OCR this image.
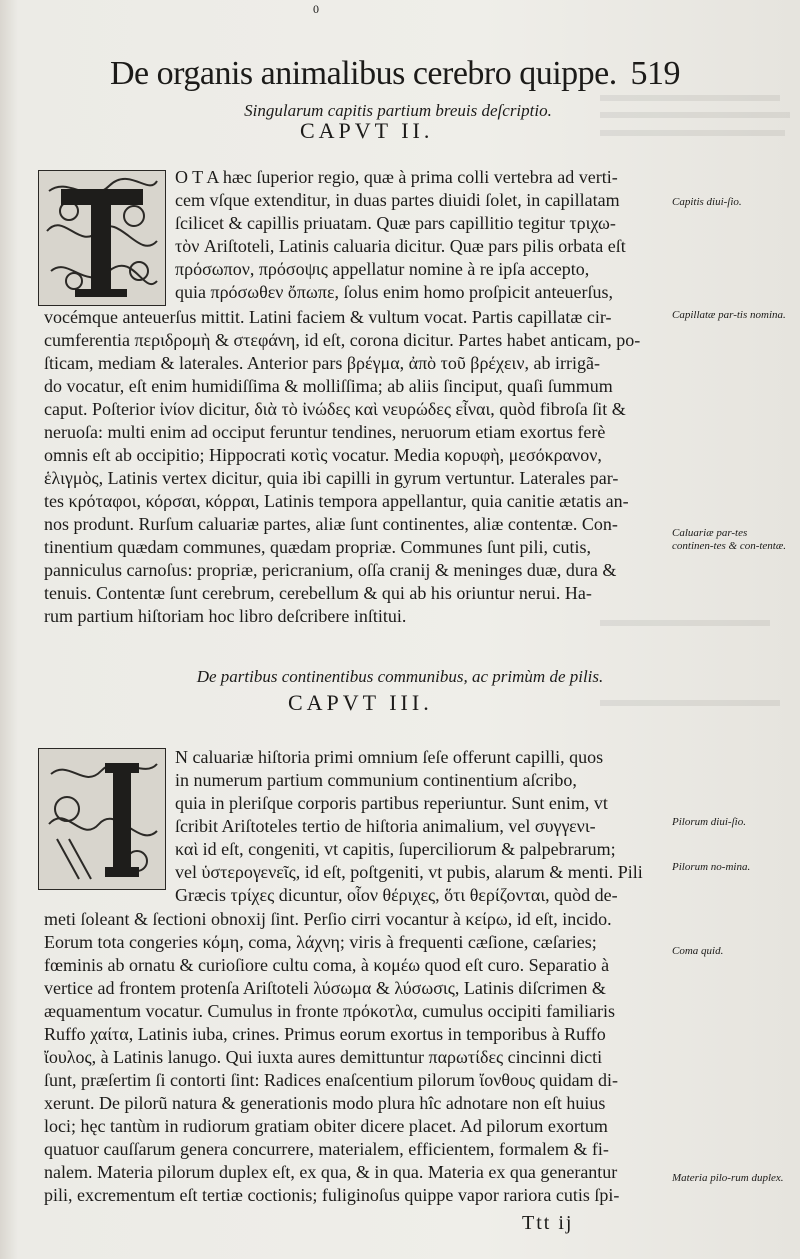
0
De organis animalibus cerebro quippe. 519
Singularum capitis partium breuis deſcriptio.
CAPVT II.
O T A hæc ſuperior regio, quæ à prima colli vertebra ad verti-
cem vſque extenditur, in duas partes diuidi ſolet, in capillatam
ſcilicet & capillis priuatam. Quæ pars capillitio tegitur τριχω-
τὸν Ariſtoteli, Latinis caluaria dicitur. Quæ pars pilis orbata eſt
πρόσωπον, πρόσοψις appellatur nomine à re ipſa accepto,
quia πρόσωθεν ὄπωπε, ſolus enim homo proſpicit anteuerſus,
vocémque anteuerſus mittit. Latini faciem & vultum vocat. Partis capillatæ cir-
cumferentia περιδρομὴ & στεφάνη, id eſt, corona dicitur. Partes habet anticam, po-
ſticam, mediam & laterales. Anterior pars βρέγμα, ἀπὸ τοῦ βρέχειν, ab irrigã-
do vocatur, eſt enim humidiſſima & molliſſima; ab aliis ſinciput, quaſi ſummum
caput. Poſterior ἰνίον dicitur, διὰ τὸ ἰνώδες καὶ νευρώδες εἶναι, quòd fibroſa ſit &
neruoſa: multi enim ad occiput feruntur tendines, neruorum etiam exortus ferè
omnis eſt ab occipitio; Hippocrati κοτὶς vocatur. Media κορυφὴ, μεσόκρανον,
ἑλιγμὸς, Latinis vertex dicitur, quia ibi capilli in gyrum vertuntur. Laterales par-
tes κρόταφοι, κόρσαι, κόρραι, Latinis tempora appellantur, quia canitie ætatis an-
nos produnt. Rurſum caluariæ partes, aliæ ſunt continentes, aliæ contentæ. Con-
tinentium quædam communes, quædam propriæ. Communes ſunt pili, cutis,
panniculus carnoſus: propriæ, pericranium, oſſa cranij & meninges duæ, dura &
tenuis. Contentæ ſunt cerebrum, cerebellum & qui ab his oriuntur nerui. Ha-
rum partium hiſtoriam hoc libro deſcribere inſtitui.
De partibus continentibus communibus, ac primùm de pilis.
CAPVT III.
N caluariæ hiſtoria primi omnium ſeſe offerunt capilli, quos
in numerum partium communium continentium aſcribo,
quia in pleriſque corporis partibus reperiuntur. Sunt enim, vt
ſcribit Ariſtoteles tertio de hiſtoria animalium, vel συγγενι-
καὶ id eſt, congeniti, vt capitis, ſuperciliorum & palpebrarum;
vel ὑστερογενεῖς, id eſt, poſtgeniti, vt pubis, alarum & menti. Pili
Græcis τρίχες dicuntur, οἷον θέριχες, ὅτι θερίζονται, quòd de-
meti ſoleant & ſectioni obnoxij ſint. Perſio cirri vocantur à κείρω, id eſt, incido.
Eorum tota congeries κόμη, coma, λάχνη; viris à frequenti cæſione, cæſaries;
fœminis ab ornatu & curioſiore cultu coma, à κομέω quod eſt curo. Separatio à
vertice ad frontem protenſa Ariſtoteli λύσωμα & λύσωσις, Latinis diſcrimen &
æquamentum vocatur. Cumulus in fronte πρόκοτλα, cumulus occipiti familiaris
Ruffo χαίτα, Latinis iuba, crines. Primus eorum exortus in temporibus à Ruffo
ἴουλος, à Latinis lanugo. Qui iuxta aures demittuntur παρωτίδες cincinni dicti
ſunt, præſertim ſi contorti ſint: Radices enaſcentium pilorum ἴονθους quidam di-
xerunt. De pilorũ natura & generationis modo plura hîc adnotare non eſt huius
loci; hęc tantùm in rudiorum gratiam obiter dicere placet. Ad pilorum exortum
quatuor cauſſarum genera concurrere, materialem, efficientem, formalem & fi-
nalem. Materia pilorum duplex eſt, ex qua, & in qua. Materia ex qua generantur
pili, excrementum eſt tertiæ coctionis; fuliginoſus quippe vapor rariora cutis ſpi-
Capitis diui-ſio.
Capillatæ par-tis nomina.
Caluariæ par-tes continen-tes & con-tentæ.
Pilorum diui-ſio.
Pilorum no-mina.
Coma quid.
Materia pilo-rum duplex.
Ttt ij
